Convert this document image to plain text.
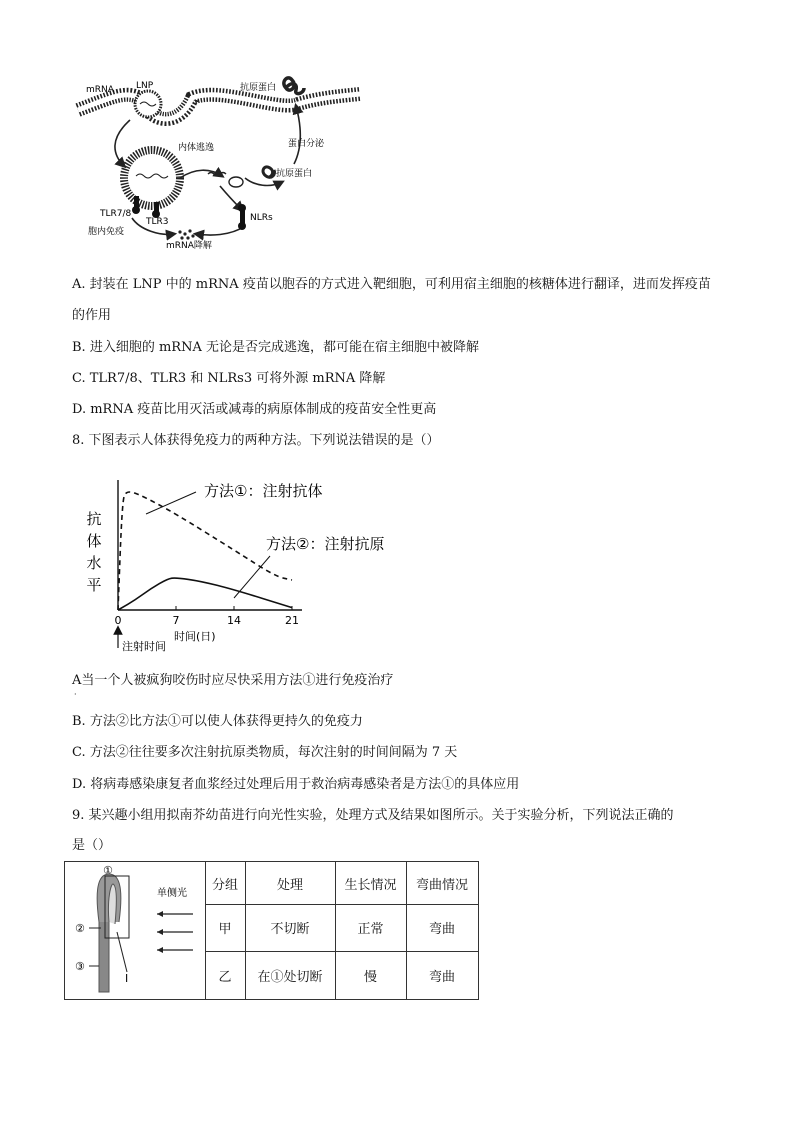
mRNA LNP	抗原蛋白
内体逃逸	蛋白分泌
抗原蛋白
TLR7/8
TLR3	NLRs
胞内免疫
mRNA降解
A. 封装在 LNP 中的 mRNA 疫苗以胞吞的方式进入靶细胞，可利用宿主细胞的核糖体进行翻译，进而发挥疫苗
的作用
B. 进入细胞的 mRNA 无论是否完成逃逸，都可能在宿主细胞中被降解
C. TLR7/8、TLR3 和 NLRs3 可将外源 mRNA 降解
D. mRNA 疫苗比用灭活或减毒的病原体制成的疫苗安全性更高
8. 下图表示人体获得免疫力的两种方法。下列说法错误的是（）
抗体水平
方法①：注射抗体
方法②：注射抗原
0	7	14	21
注射时间
时间(日)
A当一个人被疯狗咬伤时应尽快采用方法①进行免疫治疗
·
B. 方法②比方法①可以使人体获得更持久的免疫力
C. 方法②往往要多次注射抗原类物质，每次注射的时间间隔为 7 天
D. 将病毒感染康复者血浆经过处理后用于救治病毒感染者是方法①的具体应用
9. 某兴趣小组用拟南芥幼苗进行向光性实验，处理方式及结果如图所示。关于实验分析，下列说法正确的
是（）
①
②
③
I
单侧光
分组	处理	生长情况	弯曲情况
甲	不切断	正常	弯曲
乙	在①处切断	慢	弯曲
